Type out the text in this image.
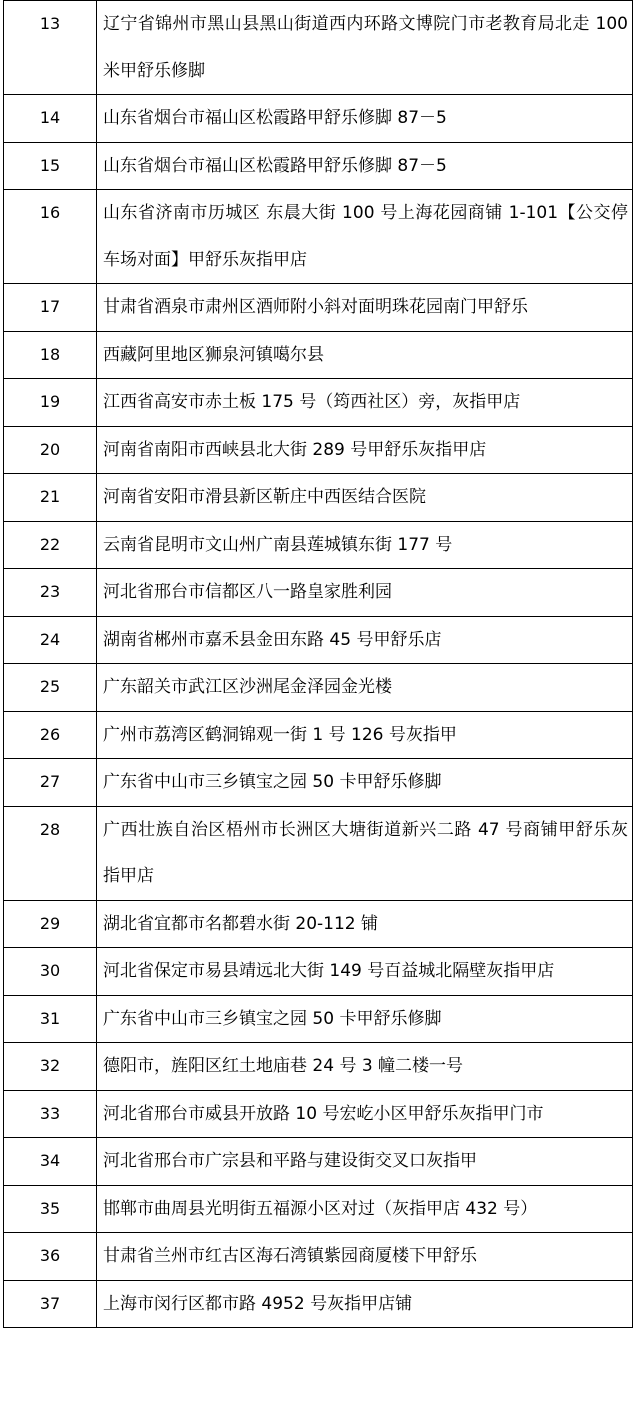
13	辽宁省锦州市黑山县黑山街道西内环路文博院门市老教育局北走 100 米甲舒乐修脚
14	山东省烟台市福山区松霞路甲舒乐修脚 87－5
15	山东省烟台市福山区松霞路甲舒乐修脚 87－5
16	山东省济南市历城区 东晨大街 100 号上海花园商铺 1-101【公交停车场对面】甲舒乐灰指甲店
17	甘肃省酒泉市肃州区酒师附小斜对面明珠花园南门甲舒乐
18	西藏阿里地区狮泉河镇噶尔县
19	江西省高安市赤土板 175 号（筠西社区）旁，灰指甲店
20	河南省南阳市西峡县北大街 289 号甲舒乐灰指甲店
21	河南省安阳市滑县新区靳庄中西医结合医院
22	云南省昆明市文山州广南县莲城镇东街 177 号
23	河北省邢台市信都区八一路皇家胜利园
24	湖南省郴州市嘉禾县金田东路 45 号甲舒乐店
25	广东韶关市武江区沙洲尾金泽园金光楼
26	广州市荔湾区鹤洞锦观一街 1 号 126 号灰指甲
27	广东省中山市三乡镇宝之园 50 卡甲舒乐修脚
28	广西壮族自治区梧州市长洲区大塘街道新兴二路 47 号商铺甲舒乐灰指甲店
29	湖北省宜都市名都碧水街 20-112 铺
30	河北省保定市易县靖远北大街 149 号百益城北隔壁灰指甲店
31	广东省中山市三乡镇宝之园 50 卡甲舒乐修脚
32	德阳市，旌阳区红土地庙巷 24 号 3 幢二楼一号
33	河北省邢台市威县开放路 10 号宏屹小区甲舒乐灰指甲门市
34	河北省邢台市广宗县和平路与建设街交叉口灰指甲
35	邯郸市曲周县光明街五福源小区对过（灰指甲店 432 号）
36	甘肃省兰州市红古区海石湾镇紫园商厦楼下甲舒乐
37	上海市闵行区都市路 4952 号灰指甲店铺
